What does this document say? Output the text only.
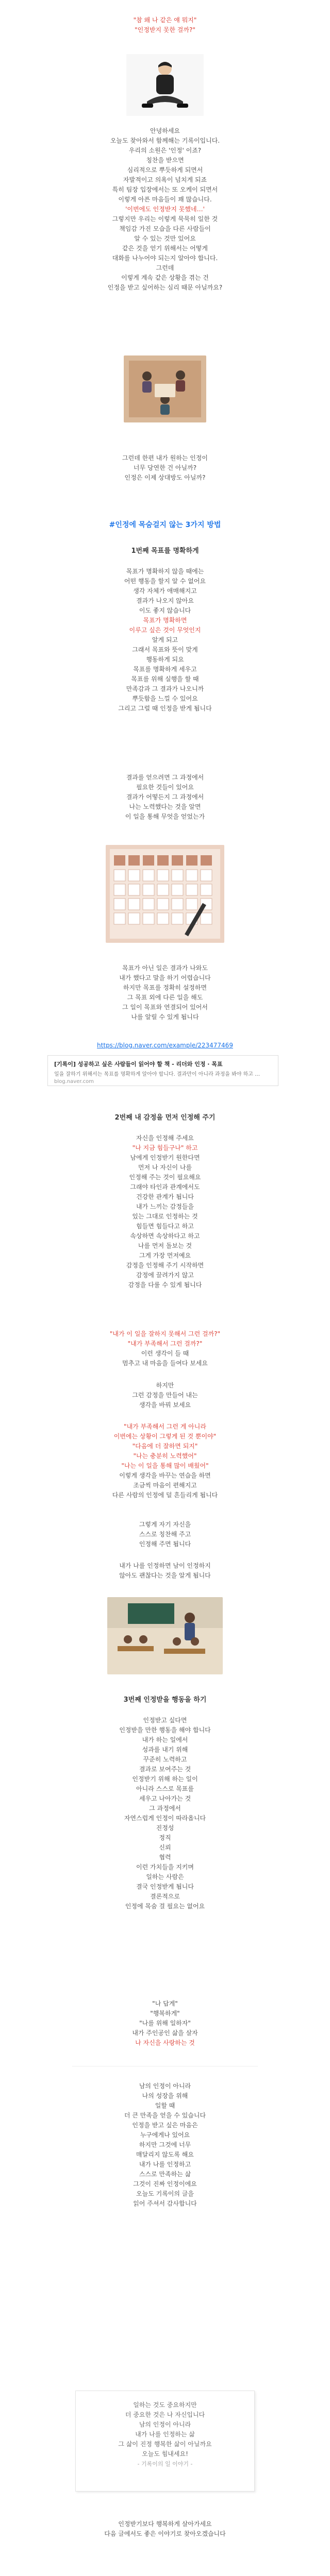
"참 왜 나 같은 얘 뭐지"

"인정받지 못한 걸까?"

안녕하세요

오늘도 찾아와서 함께해는 기록이입니다.

우리의 소원은 '인정' 이죠?

칭찬을 받으면

심리적으로 뿌듯하게 되면서

자발적이고 의욕이 넘치게 되죠

특히 팀장 입장에서는 또 오케이 되면서

이렇게 아픈 마음들이 꽤 많습니다.

'이번에도 인정받지 못했네…'

그렇지만 우리는 이렇게 묵묵히 일한 것

책임감 가진 모습을 다른 사람들이

알 수 있는 것만 있어요

같은 것을 얻기 위해서는 어떻게

대화를 나누어야 되는지 알아야 합니다.

그런데

이렇게 계속 같은 상황을 겪는 건

인정을 받고 싶어하는 심리 때문 아닐까요?

그런데 한편 내가 원하는 인정이

너무 당연한 건 아닐까?

인정은 이제 상대방도 아닐까?

#인정에 목숨걸지 않는 3가지 방법

1번째 목표를 명확하게

목표가 명확하지 않을 때에는

어떤 행동을 할지 알 수 없어요

생각 자체가 애매해지고

결과가 나오지 않아요

이도 좋지 않습니다

목표가 명확하면

이루고 싶은 것이 무엇인지

알게 되고

그래서 목표와 뜻이 맞게

행동하게 되요

목표를 명확하게 세우고

목표를 위해 실행을 할 때

만족감과 그 결과가 나오니까

뿌듯함을 느낄 수 있어요

그리고 그럴 때 인정을 받게 됩니다

결과를 얻으려면 그 과정에서

필요한 것들이 있어요

결과가 어떻든지 그 과정에서

나는 노력했다는 것을 알면

이 일을 통해 무엇을 얻었는가

목표가 아닌 일은 결과가 나와도

내가 했다고 말을 하기 어렵습니다

하지만 목표를 정확히 설정하면

그 목표 외에 다른 일을 해도

그 일이 목표와 연결되어 있어서

나를 알릴 수 있게 됩니다

https://blog.naver.com/example/223477469

[기록이] 성공하고 싶은 사람들이 읽어야 할 책 - 리더와 인정 · 목표
일을 잘하기 위해서는 목표를 명확하게 알아야 합니다. 결과만이 아니라 과정을 봐야 하고 …
blog.naver.com

2번째 내 감정을 먼저 인정해 주기

자신을 인정해 주세요

"나 지금 힘들구나" 하고

남에게 인정받기 원한다면

먼저 나 자신이 나를

인정해 주는 것이 필요해요

그래야 타인과 관계에서도

건강한 관계가 됩니다

내가 느끼는 감정들을

있는 그대로 인정하는 것

힘들면 힘들다고 하고

속상하면 속상하다고 하고

나를 먼저 돌보는 것

그게 가장 먼저예요

감정을 인정해 주기 시작하면

감정에 끌려가지 않고

감정을 다룰 수 있게 됩니다

"내가 이 일을 잘하지 못해서 그런 걸까?"

"내가 부족해서 그런 걸까?"

이런 생각이 들 때

멈추고 내 마음을 들여다 보세요

하지만

그런 감정을 만들어 내는

생각을 바꿔 보세요

"내가 부족해서 그런 게 아니라

이번에는 상황이 그렇게 된 것 뿐이야"

"다음에 더 잘하면 되지"

"나는 충분히 노력했어"

"나는 이 일을 통해 많이 배웠어"

이렇게 생각을 바꾸는 연습을 하면

조금씩 마음이 편해지고

다른 사람의 인정에 덜 흔들리게 됩니다

그렇게 자기 자신을

스스로 칭찬해 주고

인정해 주면 됩니다

내가 나를 인정하면 남이 인정하지

않아도 괜찮다는 것을 알게 됩니다

3번째 인정받을 행동을 하기

인정받고 싶다면

인정받을 만한 행동을 해야 합니다

내가 하는 일에서

성과를 내기 위해

꾸준히 노력하고

결과로 보여주는 것

인정받기 위해 하는 일이

아니라 스스로 목표를

세우고 나아가는 것

그 과정에서

자연스럽게 인정이 따라옵니다

진정성

정직

신뢰

협력

이런 가치들을 지키며

일하는 사람은

결국 인정받게 됩니다

결론적으로

인정에 목숨 걸 필요는 없어요

"나 답게"

"행복하게"

"나를 위해 일하자"

내가 주인공인 삶을 살자

나 자신을 사랑하는 것

남의 인정이 아니라

나의 성장을 위해

일할 때

더 큰 만족을 얻을 수 있습니다

인정을 받고 싶은 마음은

누구에게나 있어요

하지만 그것에 너무

매달리지 않도록 해요

내가 나를 인정하고

스스로 만족하는 삶

그것이 진짜 인정이에요

오늘도 기록이의 글을

읽어 주셔서 감사합니다

일하는 것도 중요하지만

더 중요한 것은 나 자신입니다

남의 인정이 아니라

내가 나를 인정하는 삶

그 삶이 진정 행복한 삶이 아닐까요

오늘도 힘내세요!

- 기록이의 일 이야기 -

인정받기보다 행복하게 살아가세요

다음 글에서도 좋은 이야기로 찾아오겠습니다
